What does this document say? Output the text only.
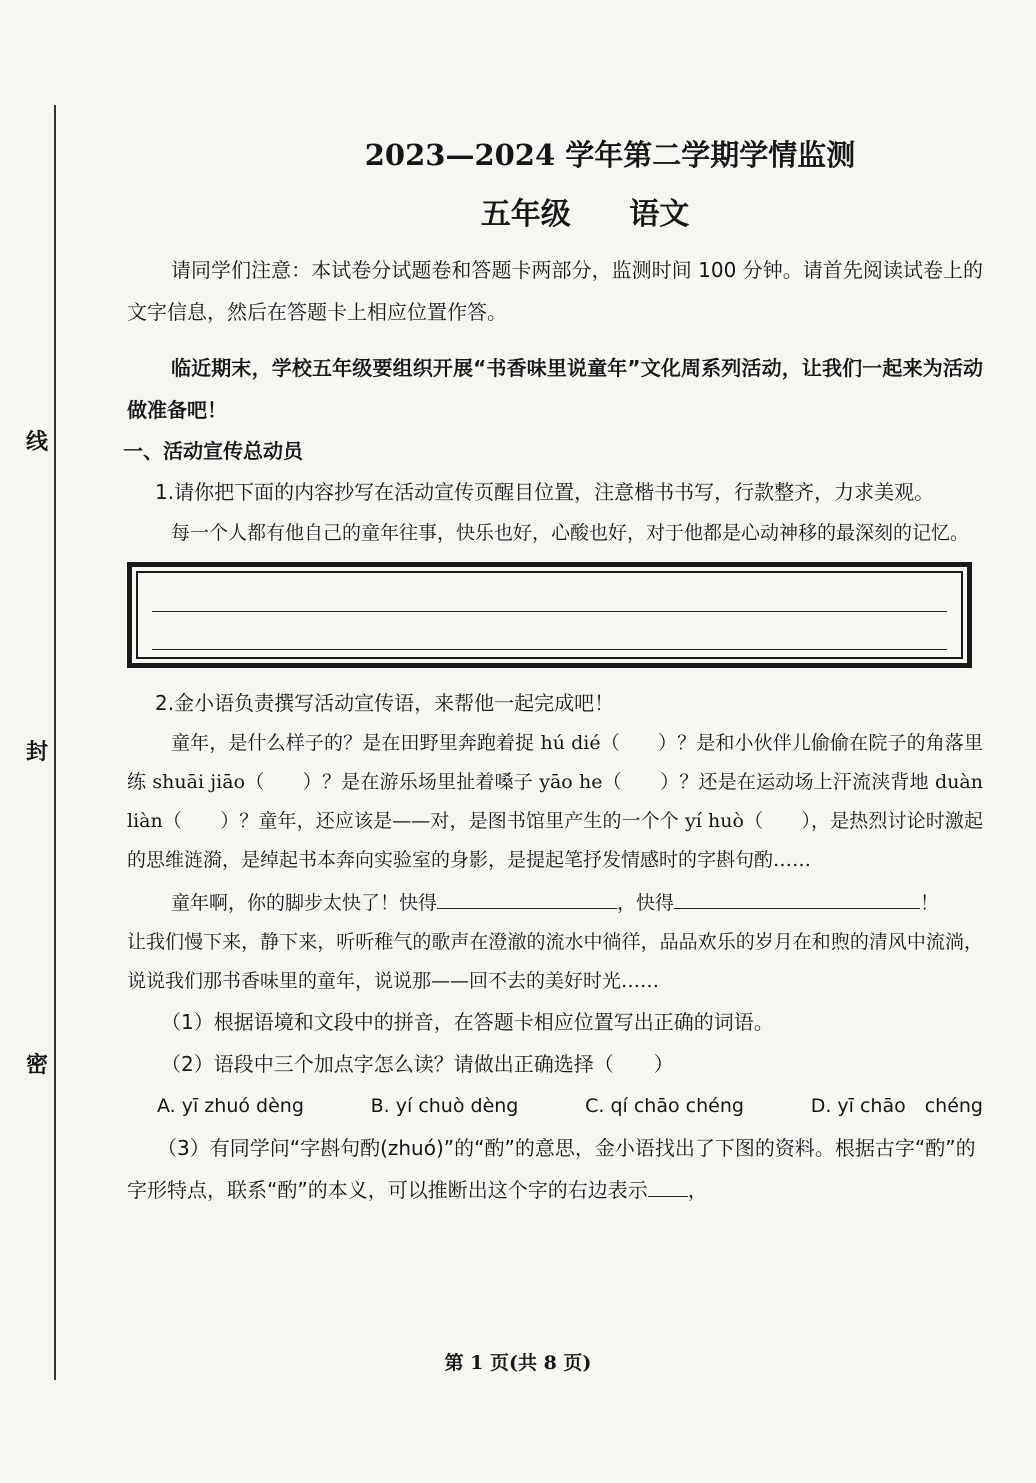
线
封
密
2023—2024 学年第二学期学情监测
五年级 语文

请同学们注意：本试卷分试题卷和答题卡两部分，监测时间 100 分钟。请首先阅读试卷上的文字信息，然后在答题卡上相应位置作答。

临近期末，学校五年级要组织开展“书香味里说童年”文化周系列活动，让我们一起来为活动做准备吧！

一、活动宣传总动员

1.请你把下面的内容抄写在活动宣传页醒目位置，注意楷书书写，行款整齐，力求美观。

每一个人都有他自己的童年往事，快乐也好，心酸也好，对于他都是心动神移的最深刻的记忆。

2.金小语负责撰写活动宣传语，来帮他一起完成吧！

童年，是什么样子的？是在田野里奔跑着捉 hú dié（　　）？是和小伙伴儿偷偷在院子的角落里练 shuāi jiāo（　　）？是在游乐场里扯着嗓子 yāo he（　　）？还是在运动场上汗流浃背地 duàn　liàn（　　）？童年，还应该是——对，是图书馆里产生的一个个 yí huò（　　），是热烈讨论时激起的思维涟漪，是绰起书本奔向实验室的身影，是提起笔抒发情感时的字斟句酌……

童年啊，你的脚步太快了！快得	，快得	！

让我们慢下来，静下来，听听稚气的歌声在澄澈的流水中徜徉，品品欢乐的岁月在和煦的清风中流淌，说说我们那书香味里的童年，说说那——回不去的美好时光……

（1）根据语境和文段中的拼音，在答题卡相应位置写出正确的词语。

（2）语段中三个加点字怎么读？请做出正确选择（　　）

A. yī zhuó dèng	B. yí chuò dèng	C. qí chāo chéng	D. yī chāo　chéng

（3）有同学问“字斟句酌(zhuó)”的“酌”的意思，金小语找出了下图的资料。根据古字“酌”的字形特点，联系“酌”的本义，可以推断出这个字的右边表示 ，

第 1 页(共 8 页)
